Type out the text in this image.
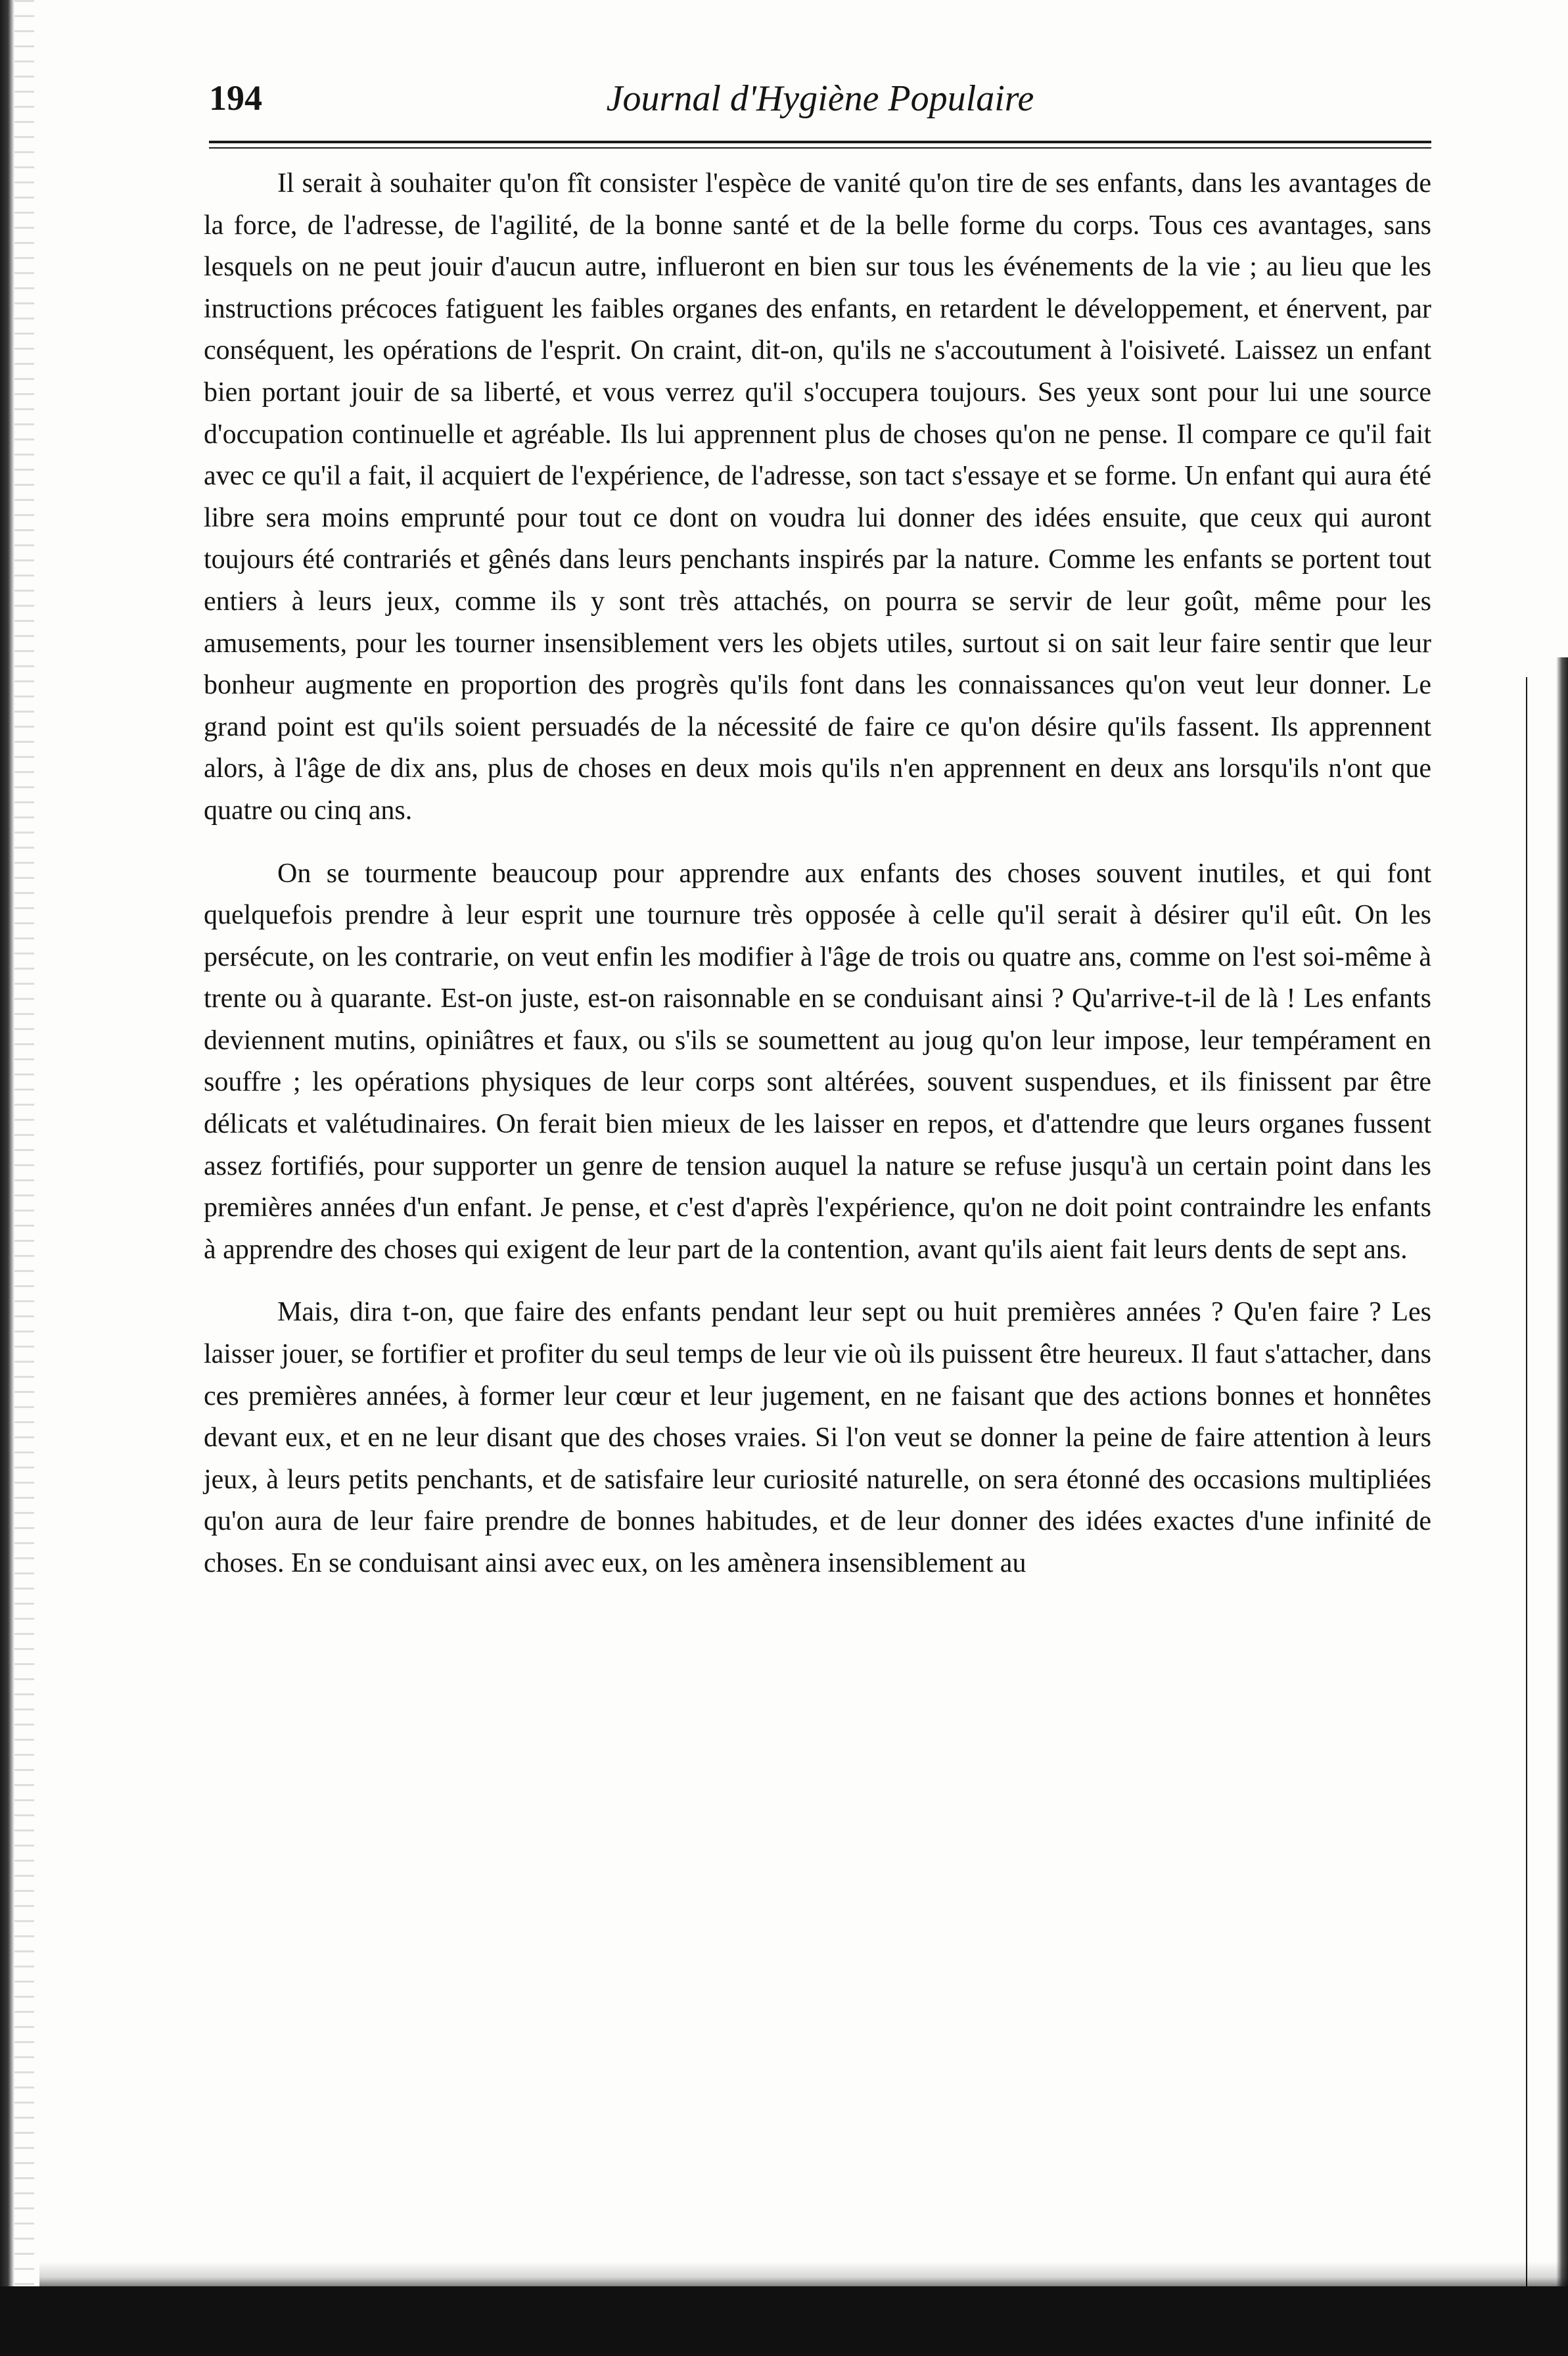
194	Journal d'Hygiène Populaire

Il serait à souhaiter qu'on fît consister l'espèce de vanité qu'on tire de ses enfants, dans les avantages de la force, de l'adresse, de l'agilité, de la bonne santé et de la belle forme du corps. Tous ces avantages, sans lesquels on ne peut jouir d'aucun autre, influeront en bien sur tous les événements de la vie ; au lieu que les instructions précoces fatiguent les faibles organes des enfants, en retardent le développement, et énervent, par conséquent, les opérations de l'esprit. On craint, dit-on, qu'ils ne s'accoutument à l'oisiveté. Laissez un enfant bien portant jouir de sa liberté, et vous verrez qu'il s'occupera toujours. Ses yeux sont pour lui une source d'occupation continuelle et agréable. Ils lui apprennent plus de choses qu'on ne pense. Il compare ce qu'il fait avec ce qu'il a fait, il acquiert de l'expérience, de l'adresse, son tact s'essaye et se forme. Un enfant qui aura été libre sera moins emprunté pour tout ce dont on voudra lui donner des idées ensuite, que ceux qui auront toujours été contrariés et gênés dans leurs penchants inspirés par la nature. Comme les enfants se portent tout entiers à leurs jeux, comme ils y sont très attachés, on pourra se servir de leur goût, même pour les amusements, pour les tourner insensiblement vers les objets utiles, surtout si on sait leur faire sentir que leur bonheur augmente en proportion des progrès qu'ils font dans les connaissances qu'on veut leur donner. Le grand point est qu'ils soient persuadés de la nécessité de faire ce qu'on désire qu'ils fassent. Ils apprennent alors, à l'âge de dix ans, plus de choses en deux mois qu'ils n'en apprennent en deux ans lorsqu'ils n'ont que quatre ou cinq ans.

On se tourmente beaucoup pour apprendre aux enfants des choses souvent inutiles, et qui font quelquefois prendre à leur esprit une tournure très opposée à celle qu'il serait à désirer qu'il eût. On les persécute, on les contrarie, on veut enfin les modifier à l'âge de trois ou quatre ans, comme on l'est soi-même à trente ou à quarante. Est-on juste, est-on raisonnable en se conduisant ainsi ? Qu'arrive-t-il de là ! Les enfants deviennent mutins, opiniâtres et faux, ou s'ils se soumettent au joug qu'on leur impose, leur tempérament en souffre ; les opérations physiques de leur corps sont altérées, souvent suspendues, et ils finissent par être délicats et valétudinaires. On ferait bien mieux de les laisser en repos, et d'attendre que leurs organes fussent assez fortifiés, pour supporter un genre de tension auquel la nature se refuse jusqu'à un certain point dans les premières années d'un enfant. Je pense, et c'est d'après l'expérience, qu'on ne doit point contraindre les enfants à apprendre des choses qui exigent de leur part de la contention, avant qu'ils aient fait leurs dents de sept ans.

Mais, dira t-on, que faire des enfants pendant leur sept ou huit premières années ? Qu'en faire ? Les laisser jouer, se fortifier et profiter du seul temps de leur vie où ils puissent être heureux. Il faut s'attacher, dans ces premières années, à former leur cœur et leur jugement, en ne faisant que des actions bonnes et honnêtes devant eux, et en ne leur disant que des choses vraies. Si l'on veut se donner la peine de faire attention à leurs jeux, à leurs petits penchants, et de satisfaire leur curiosité naturelle, on sera étonné des occasions multipliées qu'on aura de leur faire prendre de bonnes habitudes, et de leur donner des idées exactes d'une infinité de choses. En se conduisant ainsi avec eux, on les amènera insensiblement au
